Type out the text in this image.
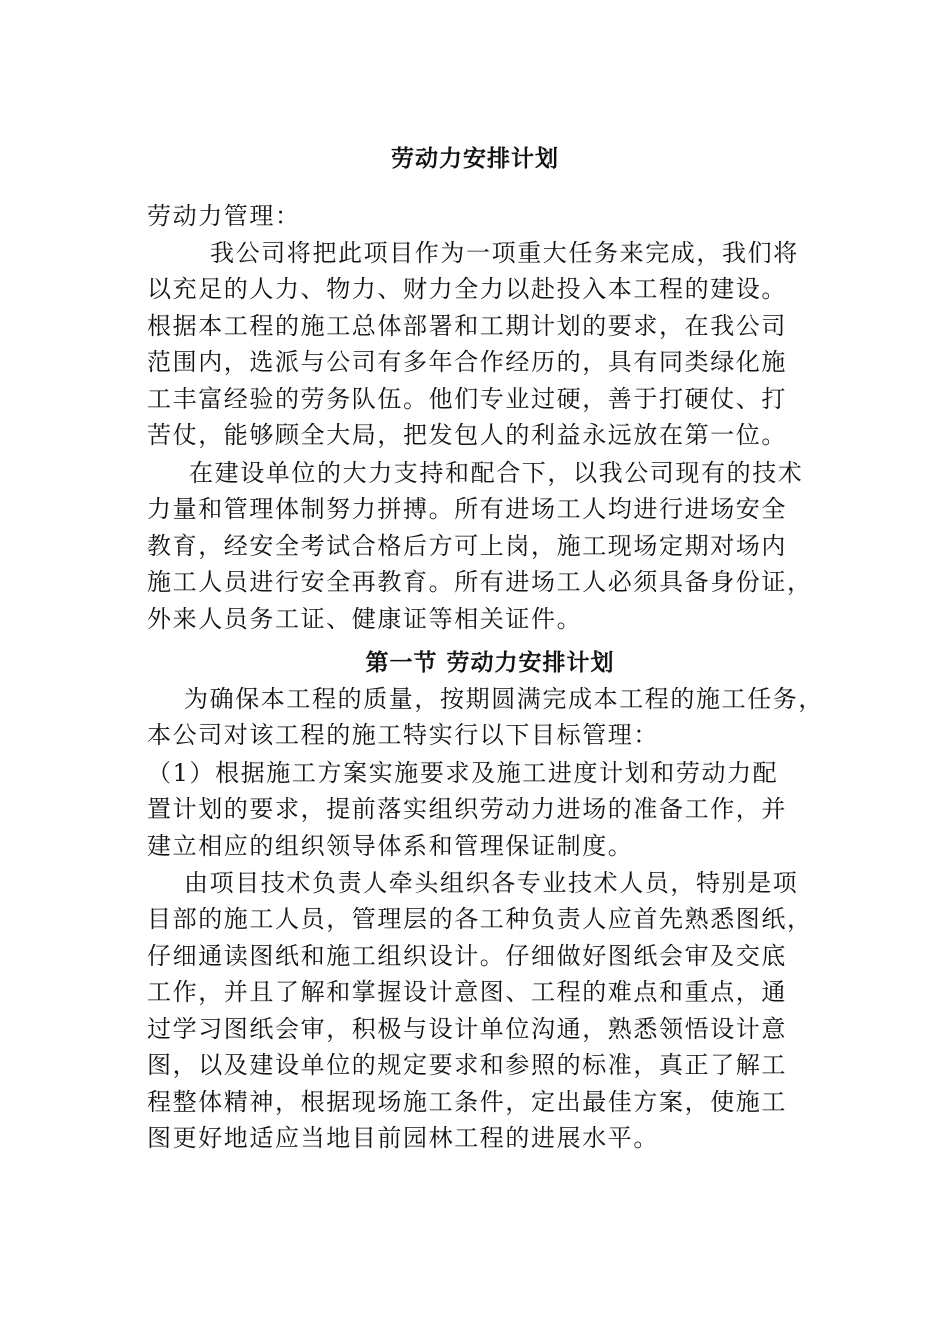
劳动力安排计划
劳动力管理：
我公司将把此项目作为一项重大任务来完成，我们将
以充足的人力、物力、财力全力以赴投入本工程的建设。
根据本工程的施工总体部署和工期计划的要求，在我公司
范围内，选派与公司有多年合作经历的，具有同类绿化施
工丰富经验的劳务队伍。他们专业过硬，善于打硬仗、打
苦仗，能够顾全大局，把发包人的利益永远放在第一位。
在建设单位的大力支持和配合下，以我公司现有的技术
力量和管理体制努力拼搏。所有进场工人均进行进场安全
教育，经安全考试合格后方可上岗，施工现场定期对场内
施工人员进行安全再教育。所有进场工人必须具备身份证，
外来人员务工证、健康证等相关证件。
第一节 劳动力安排计划
为确保本工程的质量，按期圆满完成本工程的施工任务，
本公司对该工程的施工特实行以下目标管理：
（1）根据施工方案实施要求及施工进度计划和劳动力配
置计划的要求，提前落实组织劳动力进场的准备工作，并
建立相应的组织领导体系和管理保证制度。
由项目技术负责人牵头组织各专业技术人员，特别是项
目部的施工人员，管理层的各工种负责人应首先熟悉图纸，
仔细通读图纸和施工组织设计。仔细做好图纸会审及交底
工作，并且了解和掌握设计意图、工程的难点和重点，通
过学习图纸会审，积极与设计单位沟通，熟悉领悟设计意
图，以及建设单位的规定要求和参照的标准，真正了解工
程整体精神，根据现场施工条件，定出最佳方案，使施工
图更好地适应当地目前园林工程的进展水平。
